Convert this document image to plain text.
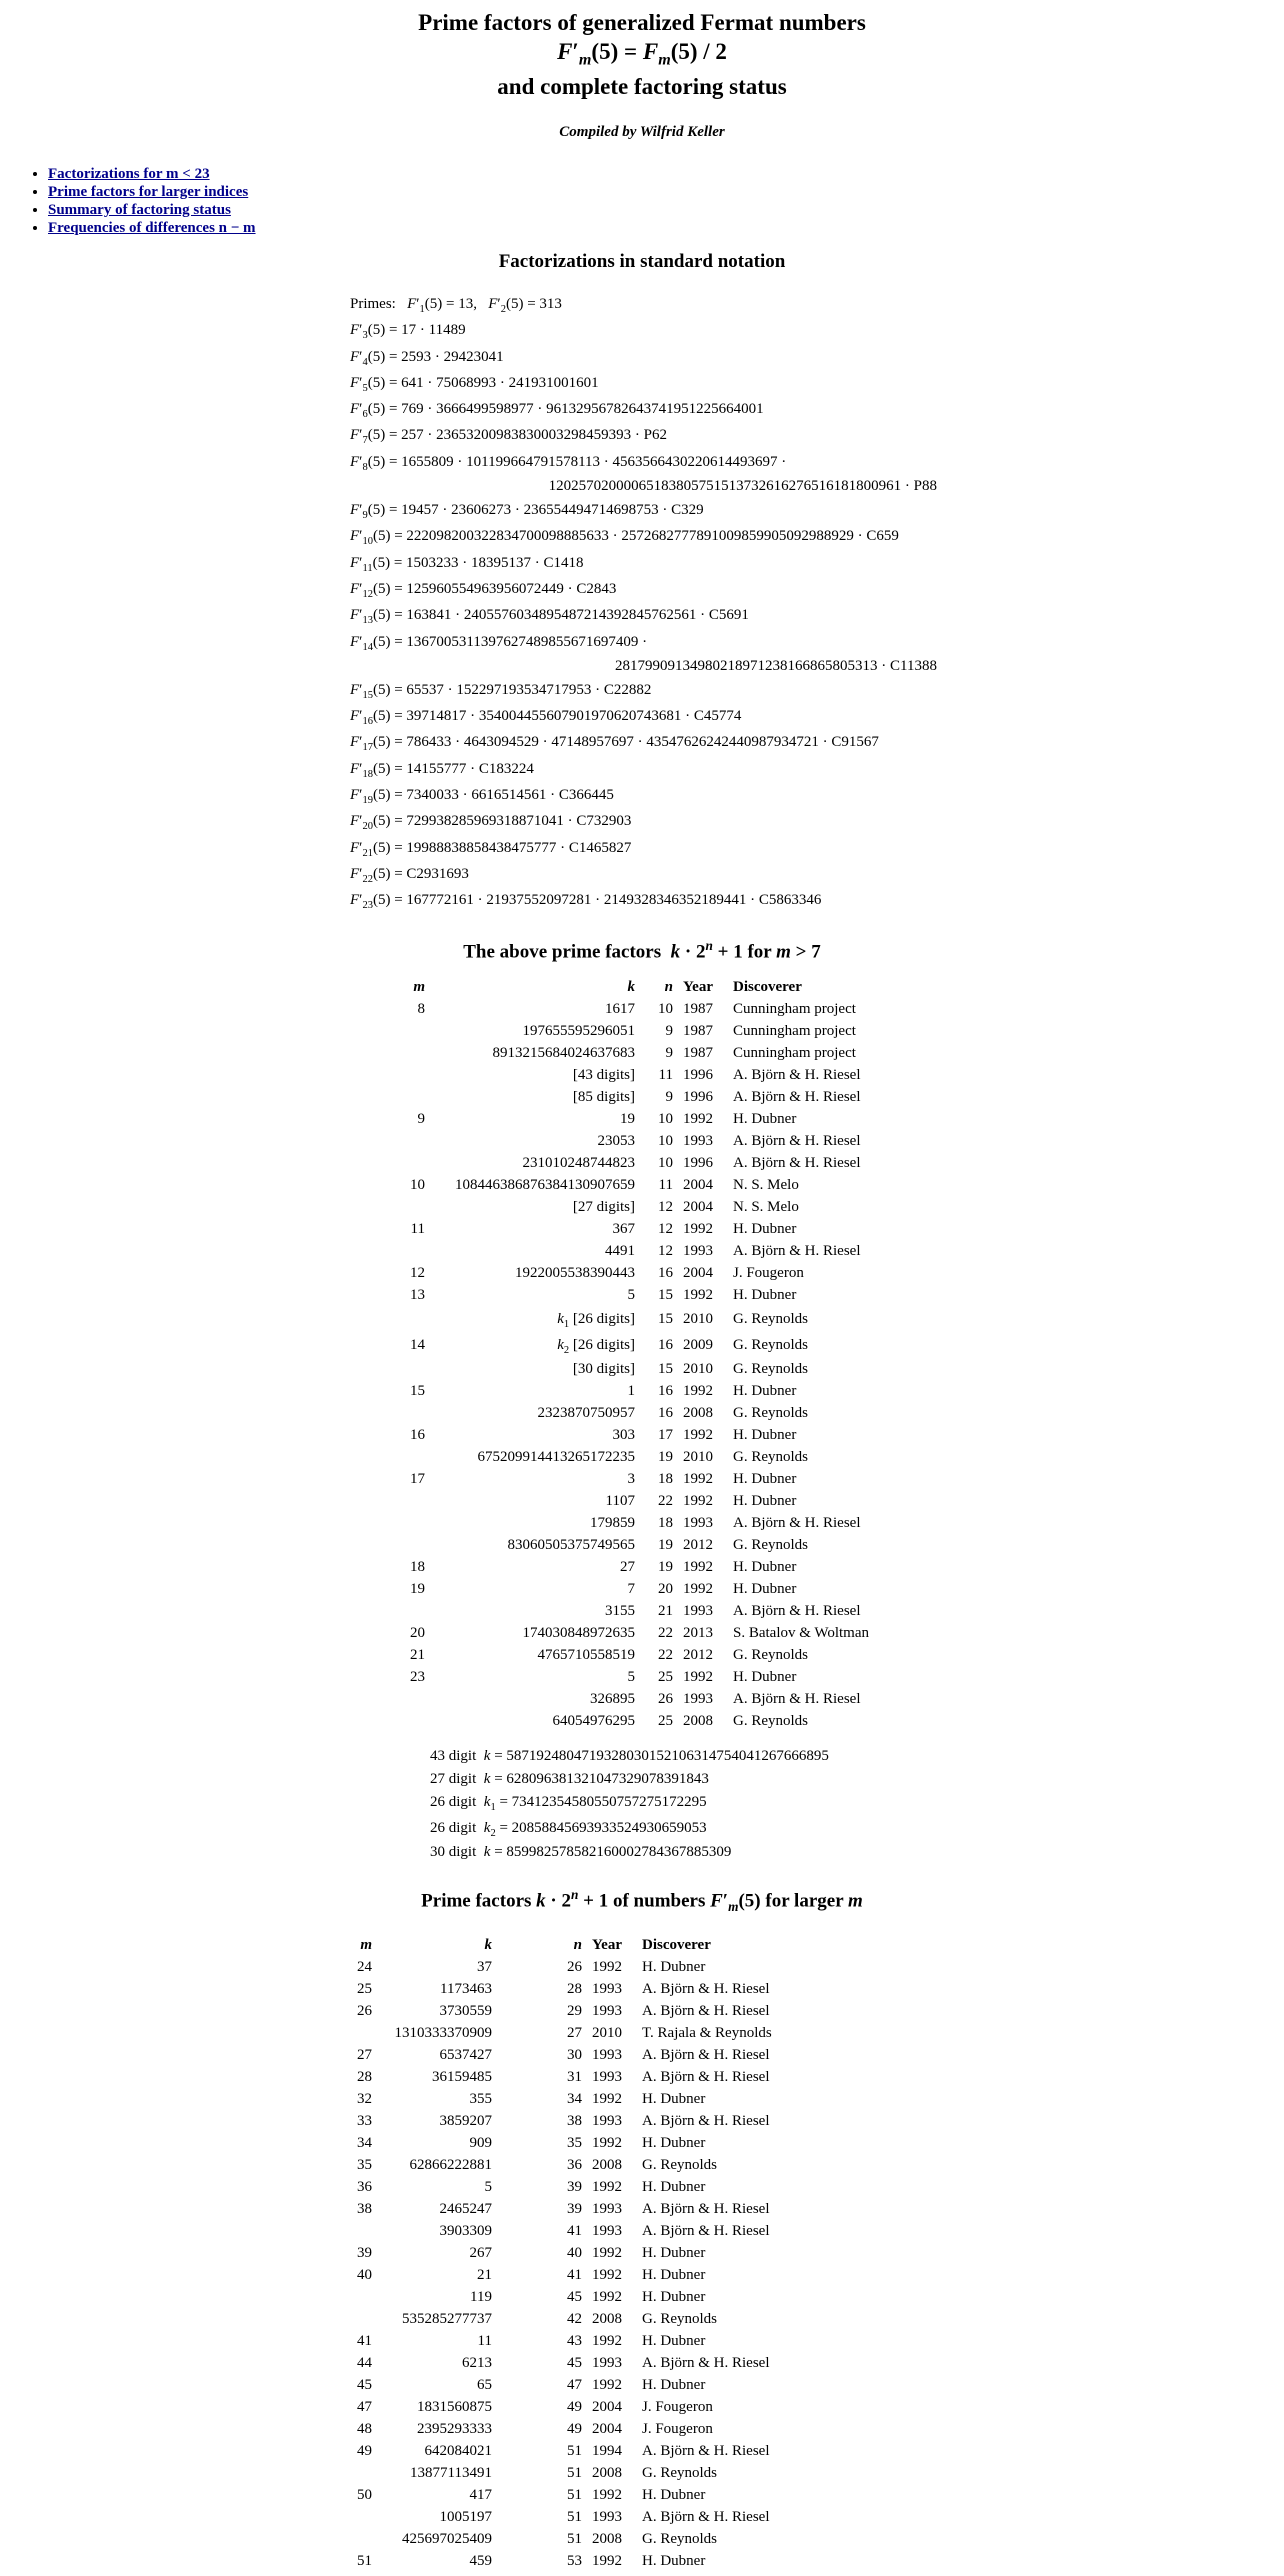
Prime factors of generalized Fermat numbers
$F'_m(5) = F_m(5) / 2$
and complete factoring status
Compiled by Wilfrid Keller
• Factorizations for m < 23
• Prime factors for larger indices
• Summary of factoring status
• Frequencies of differences n − m
Factorizations in standard notation
Primes: $F'_1(5) = 13$,   $F'_2(5) = 313$
$F'_3(5) = 17 \cdot 11489$
$F'_4(5) = 2593 \cdot 29423041$
$F'_5(5) = 641 \cdot 75068993 \cdot 241931001601$
$F'_6(5) = 769 \cdot 3666499598977 \cdot 96132956782643741951225664001$
$F'_7(5) = 257 \cdot 23653200983830003298459393 \cdot P62$
$F'_8(5) = 1655809$ · 1011996647915781​13 · 456356643022061​4493697 ·
1202570200006518380575151373261627651618180​0961 · P88
$F'_9(5) = 19457 \cdot 23606273 \cdot 236554494714698753 \cdot C329$
$F'_{10}(5) = 222098200322834700098885633$ · 257268277789100985990509298892​9 · C659
$F'_{11}(5) = 1503233 \cdot 18395137 \cdot C1418$
$F'_{12}(5) = 125960554963956072449 \cdot C2843$
$F'_{13}(5) = 163841$ · 240557603489548721439284576256​1 · C5691
$F'_{14}(5)$ = 136700531139762748985567169​7409 ·
281799091349802189712381668​65805313 · C11388
$F'_{15}(5) = 65537 \cdot 152297193534717953 \cdot C22882$
$F'_{16}(5) = 39714817 \cdot 354004455607901970620743681 \cdot C45774$
$F'_{17}(5) = 786433 \cdot 4643094529 \cdot 47148957697 \cdot 43547626242440987934721 \cdot C91567$
$F'_{18}(5) = 14155777 \cdot C183224$
$F'_{19}(5) = 7340033 \cdot 6616514561 \cdot C366445$
$F'_{20}(5)$ = 72993828596931887​1041 · C732903
$F'_{21}(5)$ = 199888388584384​75777 · C1465827
$F'_{22}(5) = C2931693$
$F'_{23}(5) = 167772161 \cdot 21937552097281$ · 214932834635218​9441 · C5863346
The above prime factors  $k \cdot 2^n + 1$ for m > 7
m	k	n	Year	Discoverer
8	1617	10	1987	Cunningham project
	197655595296051	9	1987	Cunningham project
	891321568402463​7683	9	1987	Cunningham project
	[43 digits]	11	1996	A. Björn & H. Riesel
	[85 digits]	9	1996	A. Björn & H. Riesel
9	19	10	1992	H. Dubner
	23053	10	1993	A. Björn & H. Riesel
	231010248744823	10	1996	A. Björn & H. Riesel
10	1084463868763841​30907659	11	2004	N. S. Melo
	[27 digits]	12	2004	N. S. Melo
11	367	12	1992	H. Dubner
	4491	12	1993	A. Björn & H. Riesel
12	1922005538390443	16	2004	J. Fougeron
13	5	15	1992	H. Dubner
	$k_1$ [26 digits]	15	2010	G. Reynolds
14	$k_2$ [26 digits]	16	2009	G. Reynolds
	[30 digits]	15	2010	G. Reynolds
15	1	16	1992	H. Dubner
	2323870750957	16	2008	G. Reynolds
16	303	17	1992	H. Dubner
	675209914413265​172235	19	2010	G. Reynolds
17	3	18	1992	H. Dubner
	1107	22	1992	H. Dubner
	179859	18	1993	A. Björn & H. Riesel
	830605053757495​65	19	2012	G. Reynolds
18	27	19	1992	H. Dubner
19	7	20	1992	H. Dubner
	3155	21	1993	A. Björn & H. Riesel
20	174030848972635	22	2013	S. Batalov & Woltman
21	4765710558519	22	2012	G. Reynolds
23	5	25	1992	H. Dubner
	326895	26	1993	A. Björn & H. Riesel
	64054976295	25	2008	G. Reynolds
43 digit  k = 58719248047193280301521063147540412676​66895
27 digit  k = 628096381321047329078391843
26 digit  $k_1 = 73412354580550757275172295$
26 digit  $k_2 = 20858845693933524930659053$
30 digit  k = 859982578582160002784367885309
Prime factors $k \cdot 2^n + 1$ of numbers $F'_m(5)$ for larger m
m	k	n	Year	Discoverer
24	37	26	1992	H. Dubner
25	1173463	28	1993	A. Björn & H. Riesel
26	3730559	29	1993	A. Björn & H. Riesel
	1310333370909	27	2010	T. Rajala & Reynolds
27	6537427	30	1993	A. Björn & H. Riesel
28	36159485	31	1993	A. Björn & H. Riesel
32	355	34	1992	H. Dubner
33	3859207	38	1993	A. Björn & H. Riesel
34	909	35	1992	H. Dubner
35	62866222881	36	2008	G. Reynolds
36	5	39	1992	H. Dubner
38	2465247	39	1993	A. Björn & H. Riesel
	3903309	41	1993	A. Björn & H. Riesel
39	267	40	1992	H. Dubner
40	21	41	1992	H. Dubner
	119	45	1992	H. Dubner
	535285277737	42	2008	G. Reynolds
41	11	43	1992	H. Dubner
44	6213	45	1993	A. Björn & H. Riesel
45	65	47	1992	H. Dubner
47	1831560875	49	2004	J. Fougeron
48	2395293333	49	2004	J. Fougeron
49	642084021	51	1994	A. Björn & H. Riesel
	13877113491	51	2008	G. Reynolds
50	417	51	1992	H. Dubner
	1005197	51	1993	A. Björn & H. Riesel
	425697025409	51	2008	G. Reynolds
51	459	53	1992	H. Dubner
